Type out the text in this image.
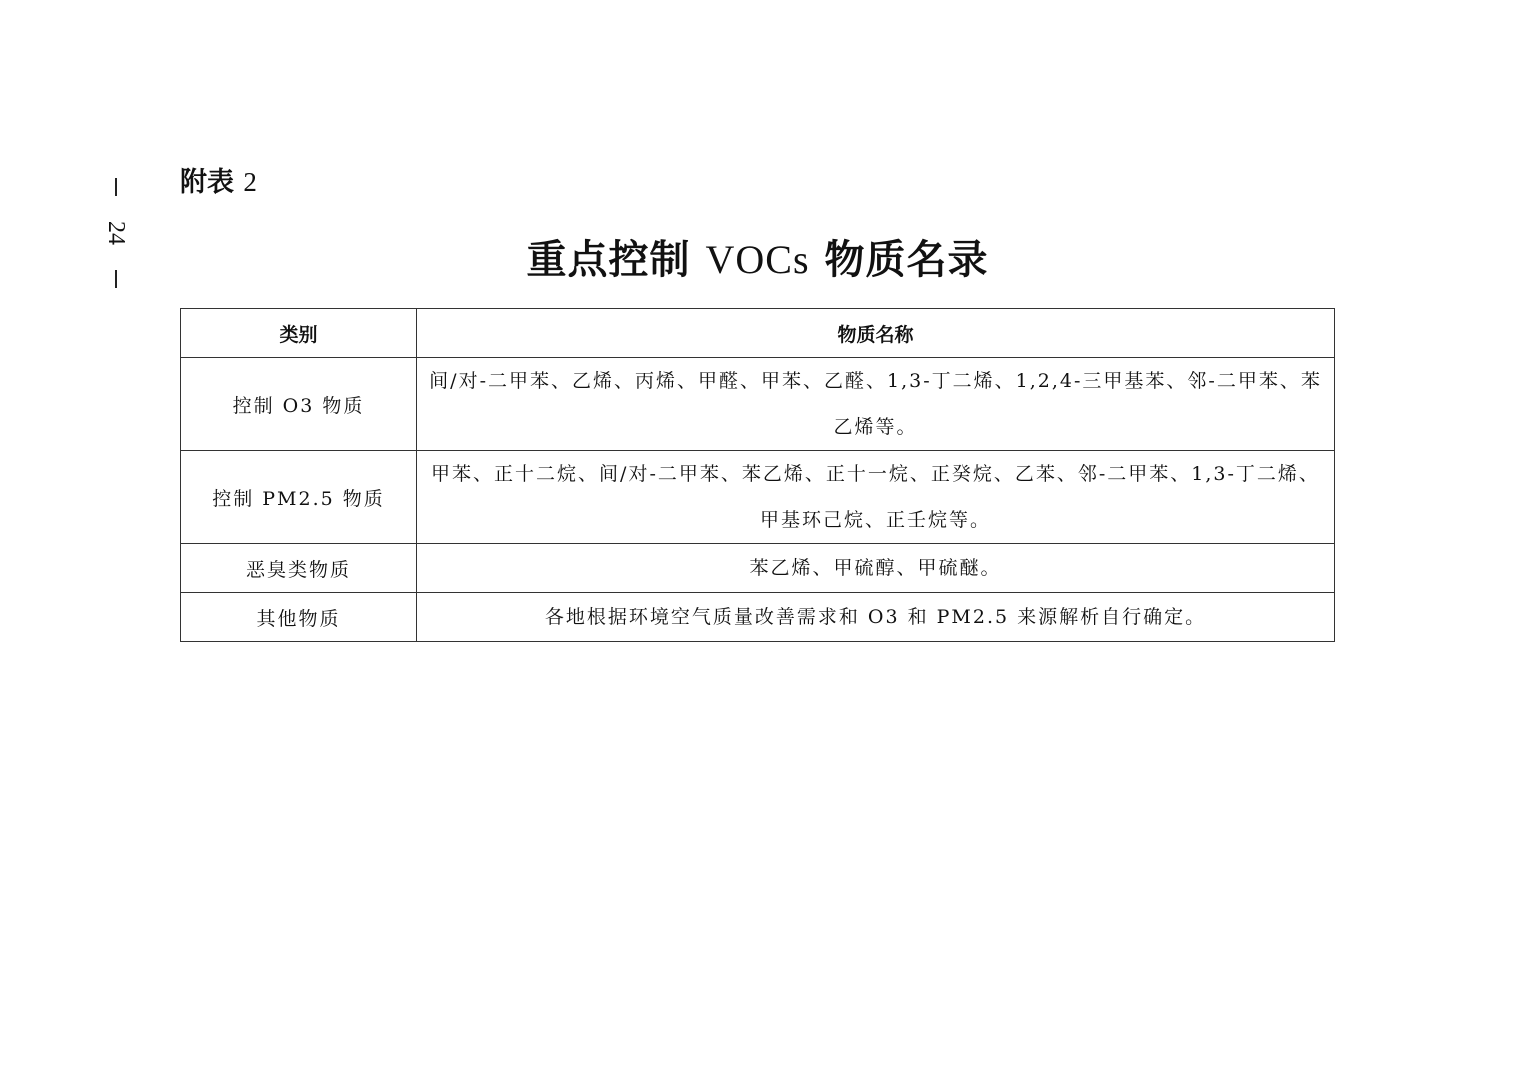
24
附表 2
重点控制 VOCs 物质名录
类别	物质名称
控制 O3 物质	间/对-二甲苯、乙烯、丙烯、甲醛、甲苯、乙醛、1,3-丁二烯、1,2,4-三甲基苯、邻-二甲苯、苯乙烯等。
控制 PM2.5 物质	甲苯、正十二烷、间/对-二甲苯、苯乙烯、正十一烷、正癸烷、乙苯、邻-二甲苯、1,3-丁二烯、甲基环己烷、正壬烷等。
恶臭类物质	苯乙烯、甲硫醇、甲硫醚。
其他物质	各地根据环境空气质量改善需求和 O3 和 PM2.5 来源解析自行确定。
